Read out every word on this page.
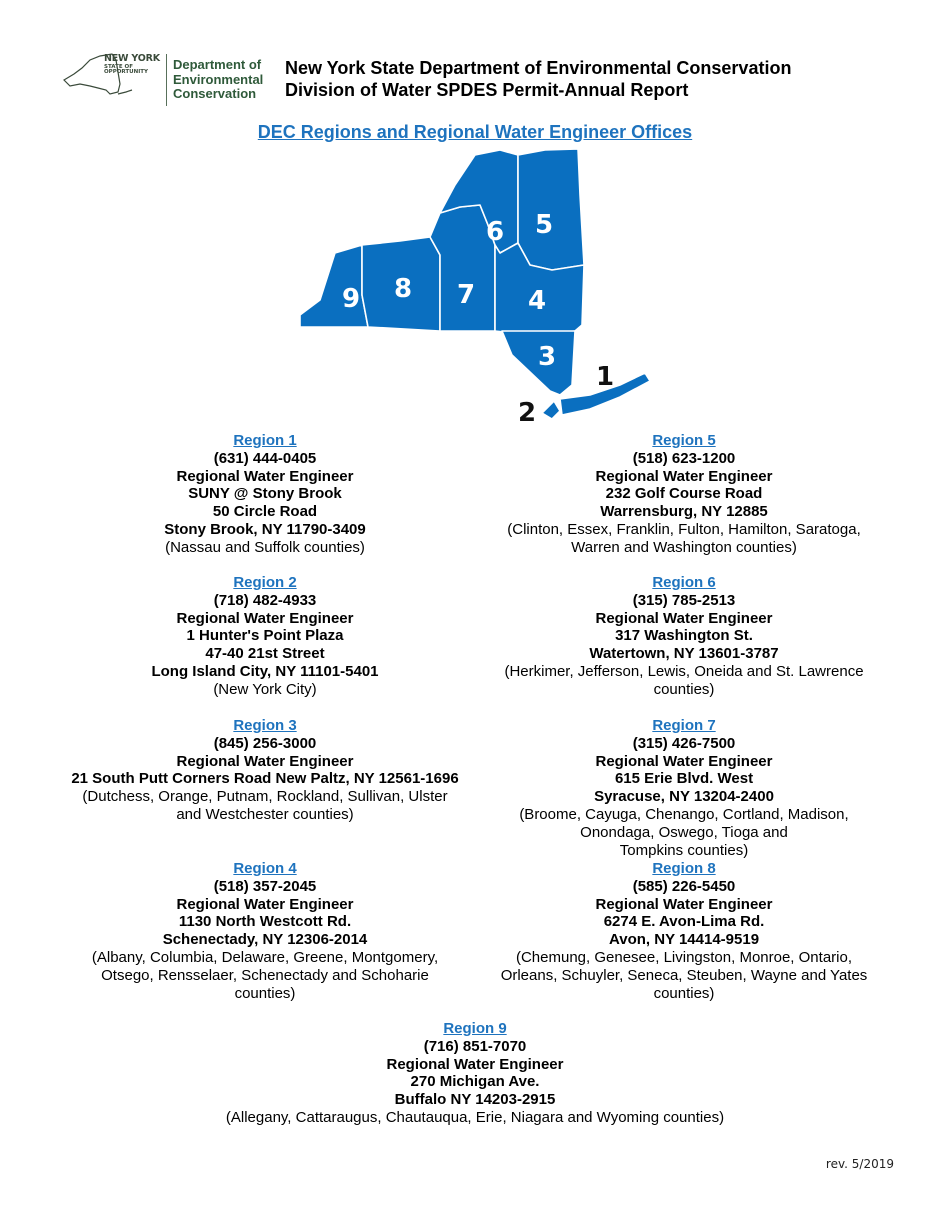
NEW YORK
STATE OF
OPPORTUNITY	Department of
Environmental
Conservation
New York State Department of Environmental Conservation
Division of Water SPDES Permit-Annual Report
DEC Regions and Regional Water Engineer Offices
9 8 7
6 5
4
3
1
2
Region 1
(631) 444-0405
Regional Water Engineer
SUNY @ Stony Brook
50 Circle Road
Stony Brook, NY 11790-3409
(Nassau and Suffolk counties)
Region 5
(518) 623-1200
Regional Water Engineer
232 Golf Course Road
Warrensburg, NY 12885
(Clinton, Essex, Franklin, Fulton, Hamilton, Saratoga,
Warren and Washington counties)
Region 2
(718) 482-4933
Regional Water Engineer
1 Hunter's Point Plaza
47-40 21st Street
Long Island City, NY 11101-5401
(New York City)
Region 6
(315) 785-2513
Regional Water Engineer
317 Washington St.
Watertown, NY 13601-3787
(Herkimer, Jefferson, Lewis, Oneida and St. Lawrence
counties)
Region 3
(845) 256-3000
Regional Water Engineer
21 South Putt Corners Road New Paltz, NY 12561-1696
(Dutchess, Orange, Putnam, Rockland, Sullivan, Ulster
and Westchester counties)
Region 7
(315) 426-7500
Regional Water Engineer
615 Erie Blvd. West
Syracuse, NY 13204-2400
(Broome, Cayuga, Chenango, Cortland, Madison,
Onondaga, Oswego, Tioga and
Tompkins counties)
Region 4
(518) 357-2045
Regional Water Engineer
1130 North Westcott Rd.
Schenectady, NY 12306-2014
(Albany, Columbia, Delaware, Greene, Montgomery,
Otsego, Rensselaer, Schenectady and Schoharie
counties)
Region 8
(585) 226-5450
Regional Water Engineer
6274 E. Avon-Lima Rd.
Avon, NY 14414-9519
(Chemung, Genesee, Livingston, Monroe, Ontario,
Orleans, Schuyler, Seneca, Steuben, Wayne and Yates
counties)
Region 9
(716) 851-7070
Regional Water Engineer
270 Michigan Ave.
Buffalo NY 14203-2915
(Allegany, Cattaraugus, Chautauqua, Erie, Niagara and Wyoming counties)
rev. 5/2019
